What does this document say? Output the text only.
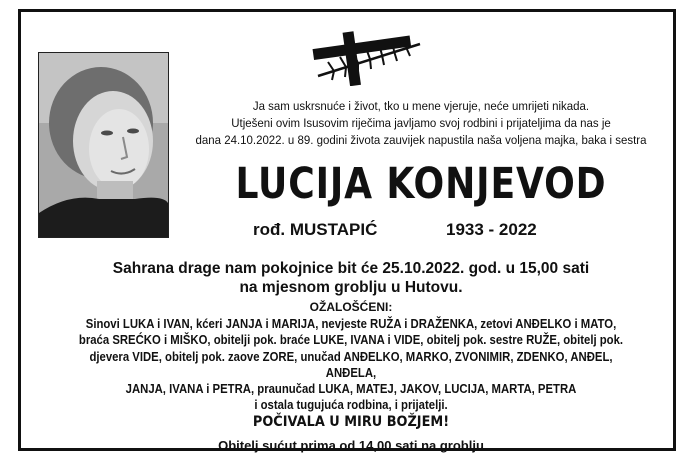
Ja sam uskrsnuće i život, tko u mene vjeruje, neće umrijeti nikada.
Utješeni ovim Isusovim riječima javljamo svoj rodbini i prijateljima da nas je
dana 24.10.2022. u 89. godini života zauvijek napustila naša voljena majka, baka i sestra
LUCIJA KONJEVOD
rođ. MUSTAPIĆ	1933 - 2022
Sahrana drage nam pokojnice bit će 25.10.2022. god. u 15,00 sati
na mjesnom groblju u Hutovu.
OŽALOŠĆENI:
Sinovi LUKA i IVAN, kćeri JANJA i MARIJA, nevjeste RUŽA i DRAŽENKA, zetovi ANĐELKO i MATO,
braća SREĆKO i MIŠKO, obitelji pok. braće LUKE, IVANA i VIDE, obitelj pok. sestre RUŽE, obitelj pok.
djevera VIDE, obitelj pok. zaove ZORE, unučad ANĐELKO, MARKO, ZVONIMIR, ZDENKO, ANĐEL, ANĐELA,
JANJA, IVANA i PETRA, praunučad LUKA, MATEJ, JAKOV, LUCIJA, MARTA, PETRA
i ostala tugujuća rodbina, i prijatelji.
POČIVALA U MIRU BOŽJEM!
Obitelj sućut prima od 14,00 sati na groblju
